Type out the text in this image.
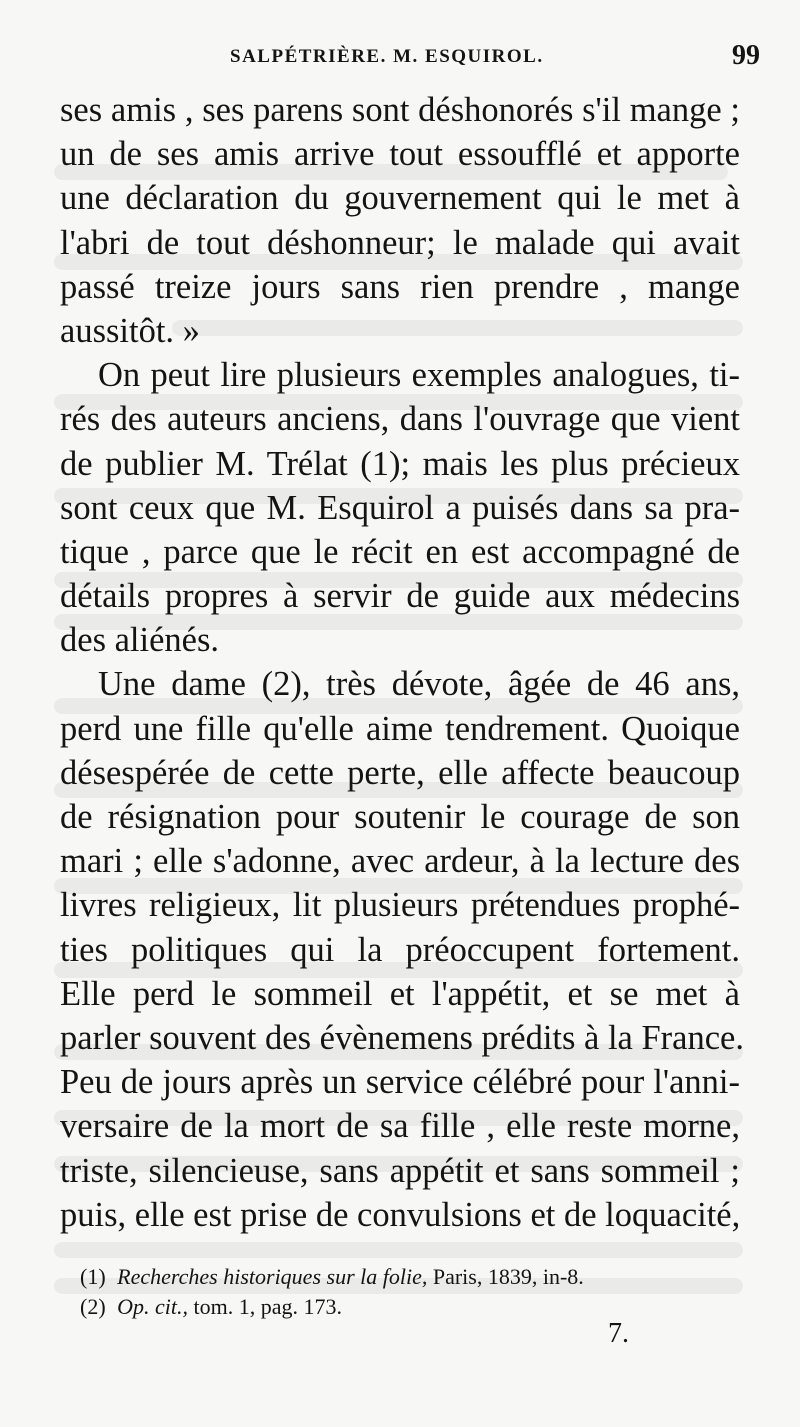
SALPÉTRIÈRE. M. ESQUIROL.	99
ses amis , ses parens sont déshonorés s'il mange ;
un de ses amis arrive tout essoufflé et apporte
une déclaration du gouvernement qui le met à
l'abri de tout déshonneur; le malade qui avait
passé treize jours sans rien prendre , mange
aussitôt. »
On peut lire plusieurs exemples analogues, ti-
rés des auteurs anciens, dans l'ouvrage que vient
de publier M. Trélat (1); mais les plus précieux
sont ceux que M. Esquirol a puisés dans sa pra-
tique , parce que le récit en est accompagné de
détails propres à servir de guide aux médecins
des aliénés.
Une dame (2), très dévote, âgée de 46 ans,
perd une fille qu'elle aime tendrement. Quoique
désespérée de cette perte, elle affecte beaucoup
de résignation pour soutenir le courage de son
mari ; elle s'adonne, avec ardeur, à la lecture des
livres religieux, lit plusieurs prétendues prophé-
ties politiques qui la préoccupent fortement.
Elle perd le sommeil et l'appétit, et se met à
parler souvent des évènemens prédits à la France.
Peu de jours après un service célébré pour l'anni-
versaire de la mort de sa fille , elle reste morne,
triste, silencieuse, sans appétit et sans sommeil ;
puis, elle est prise de convulsions et de loquacité,
(1) Recherches historiques sur la folie, Paris, 1839, in-8.
(2) Op. cit., tom. 1, pag. 173.
7.
